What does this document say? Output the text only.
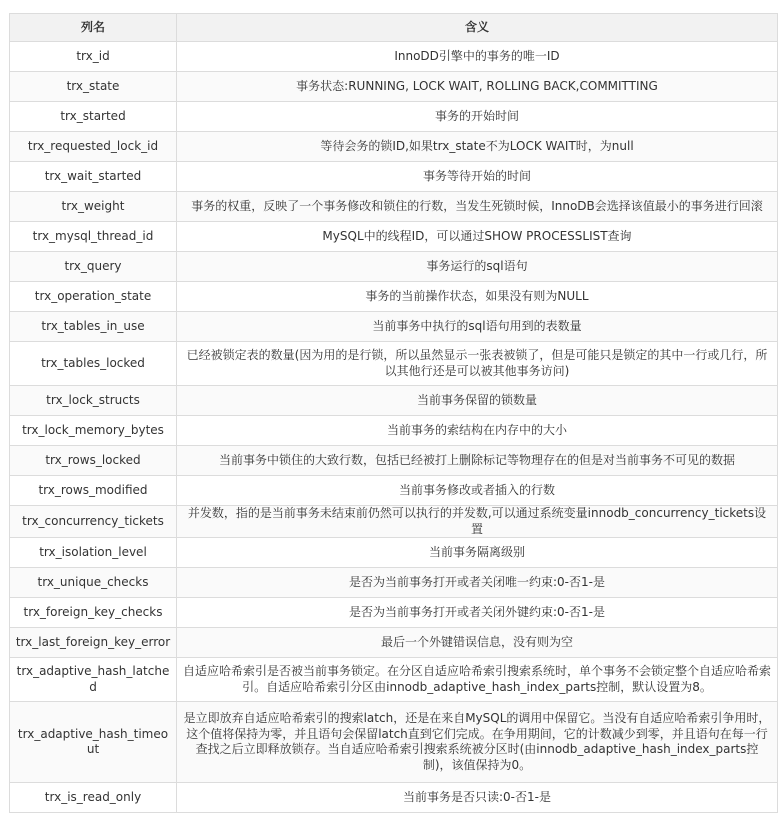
列名	含义
trx_id	InnoDD引擎中的事务的唯一ID
trx_state	事务状态:RUNNING, LOCK WAIT, ROLLING BACK,COMMITTING
trx_started	事务的开始时间
trx_requested_lock_id	等待会务的锁ID,如果trx_state不为LOCK WAIT时，为null
trx_wait_started	事务等待开始的时间
trx_weight	事务的权重，反映了一个事务修改和锁住的行数，当发生死锁时候，InnoDB会选择该值最小的事务进行回滚
trx_mysql_thread_id	MySQL中的线程ID，可以通过SHOW PROCESSLIST查询
trx_query	事务运行的sql语句
trx_operation_state	事务的当前操作状态，如果没有则为NULL
trx_tables_in_use	当前事务中执行的sql语句用到的表数量
trx_tables_locked	已经被锁定表的数量(因为用的是行锁，所以虽然显示一张表被锁了，但是可能只是锁定的其中一行或几行，所以其他行还是可以被其他事务访问)
trx_lock_structs	当前事务保留的锁数量
trx_lock_memory_bytes	当前事务的索结构在内存中的大小
trx_rows_locked	当前事务中锁住的大致行数，包括已经被打上删除标记等物理存在的但是对当前事务不可见的数据
trx_rows_modified	当前事务修改或者插入的行数
trx_concurrency_tickets	并发数，指的是当前事务未结束前仍然可以执行的并发数,可以通过系统变量innodb_concurrency_tickets设置
trx_isolation_level	当前事务隔离级别
trx_unique_checks	是否为当前事务打开或者关闭唯一约束:0-否1-是
trx_foreign_key_checks	是否为当前事务打开或者关闭外键约束:0-否1-是
trx_last_foreign_key_error	最后一个外键错误信息，没有则为空
trx_adaptive_hash_latched	自适应哈希索引是否被当前事务锁定。在分区自适应哈希索引搜索系统时，单个事务不会锁定整个自适应哈希索引。自适应哈希索引分区由innodb_adaptive_hash_index_parts控制，默认设置为8。
trx_adaptive_hash_timeout	是立即放弃自适应哈希索引的搜索latch，还是在来自MySQL的调用中保留它。当没有自适应哈希索引争用时，这个值将保持为零，并且语句会保留latch直到它们完成。在争用期间，它的计数减少到零，并且语句在每一行查找之后立即释放锁存。当自适应哈希索引搜索系统被分区时(由innodb_adaptive_hash_index_parts控制)，该值保持为0。
trx_is_read_only	当前事务是否只读:0-否1-是
